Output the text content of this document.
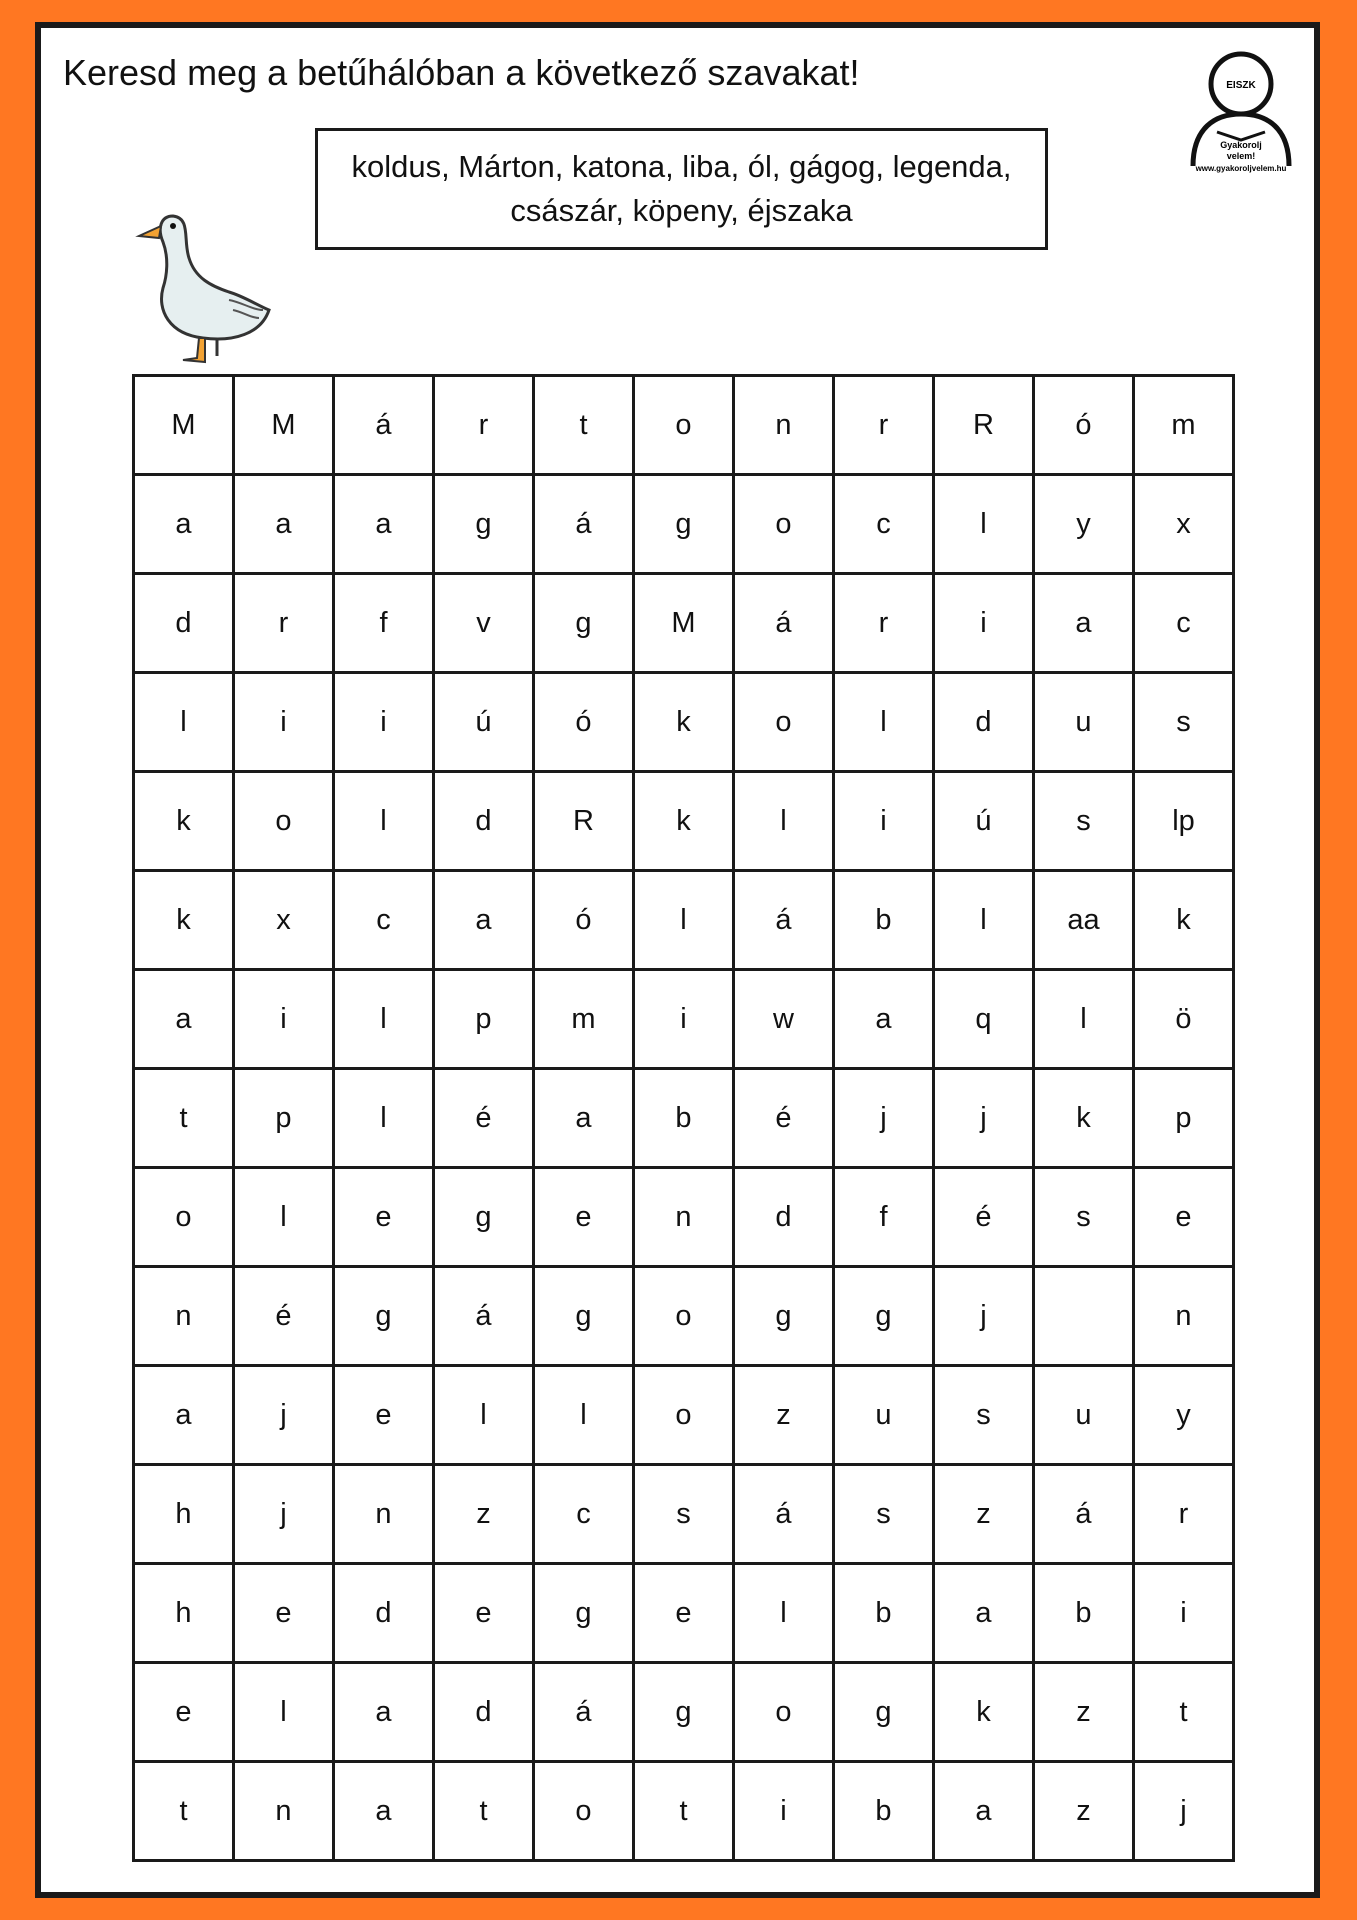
Keresd meg a betűhálóban a következő szavakat!
koldus, Márton, katona, liba, ól, gágog, legenda,
császár, köpeny, éjszaka
EISZK
Gyakorolj
velem!
www.gyakoroljvelem.hu
M	M	á	r	t	o	n	r	R	ó	m
a	a	a	g	á	g	o	c	l	y	x
d	r	f	v	g	M	á	r	i	a	c
l	i	i	ú	ó	k	o	l	d	u	s
k	o	l	d	R	k	l	i	ú	s	lp
k	x	c	a	ó	l	á	b	l	aa	k
a	i	l	p	m	i	w	a	q	l	ö
t	p	l	é	a	b	é	j	j	k	p
o	l	e	g	e	n	d	f	é	s	e
n	é	g	á	g	o	g	g	j		n
a	j	e	l	l	o	z	u	s	u	y
h	j	n	z	c	s	á	s	z	á	r
h	e	d	e	g	e	l	b	a	b	i
e	l	a	d	á	g	o	g	k	z	t
t	n	a	t	o	t	i	b	a	z	j
